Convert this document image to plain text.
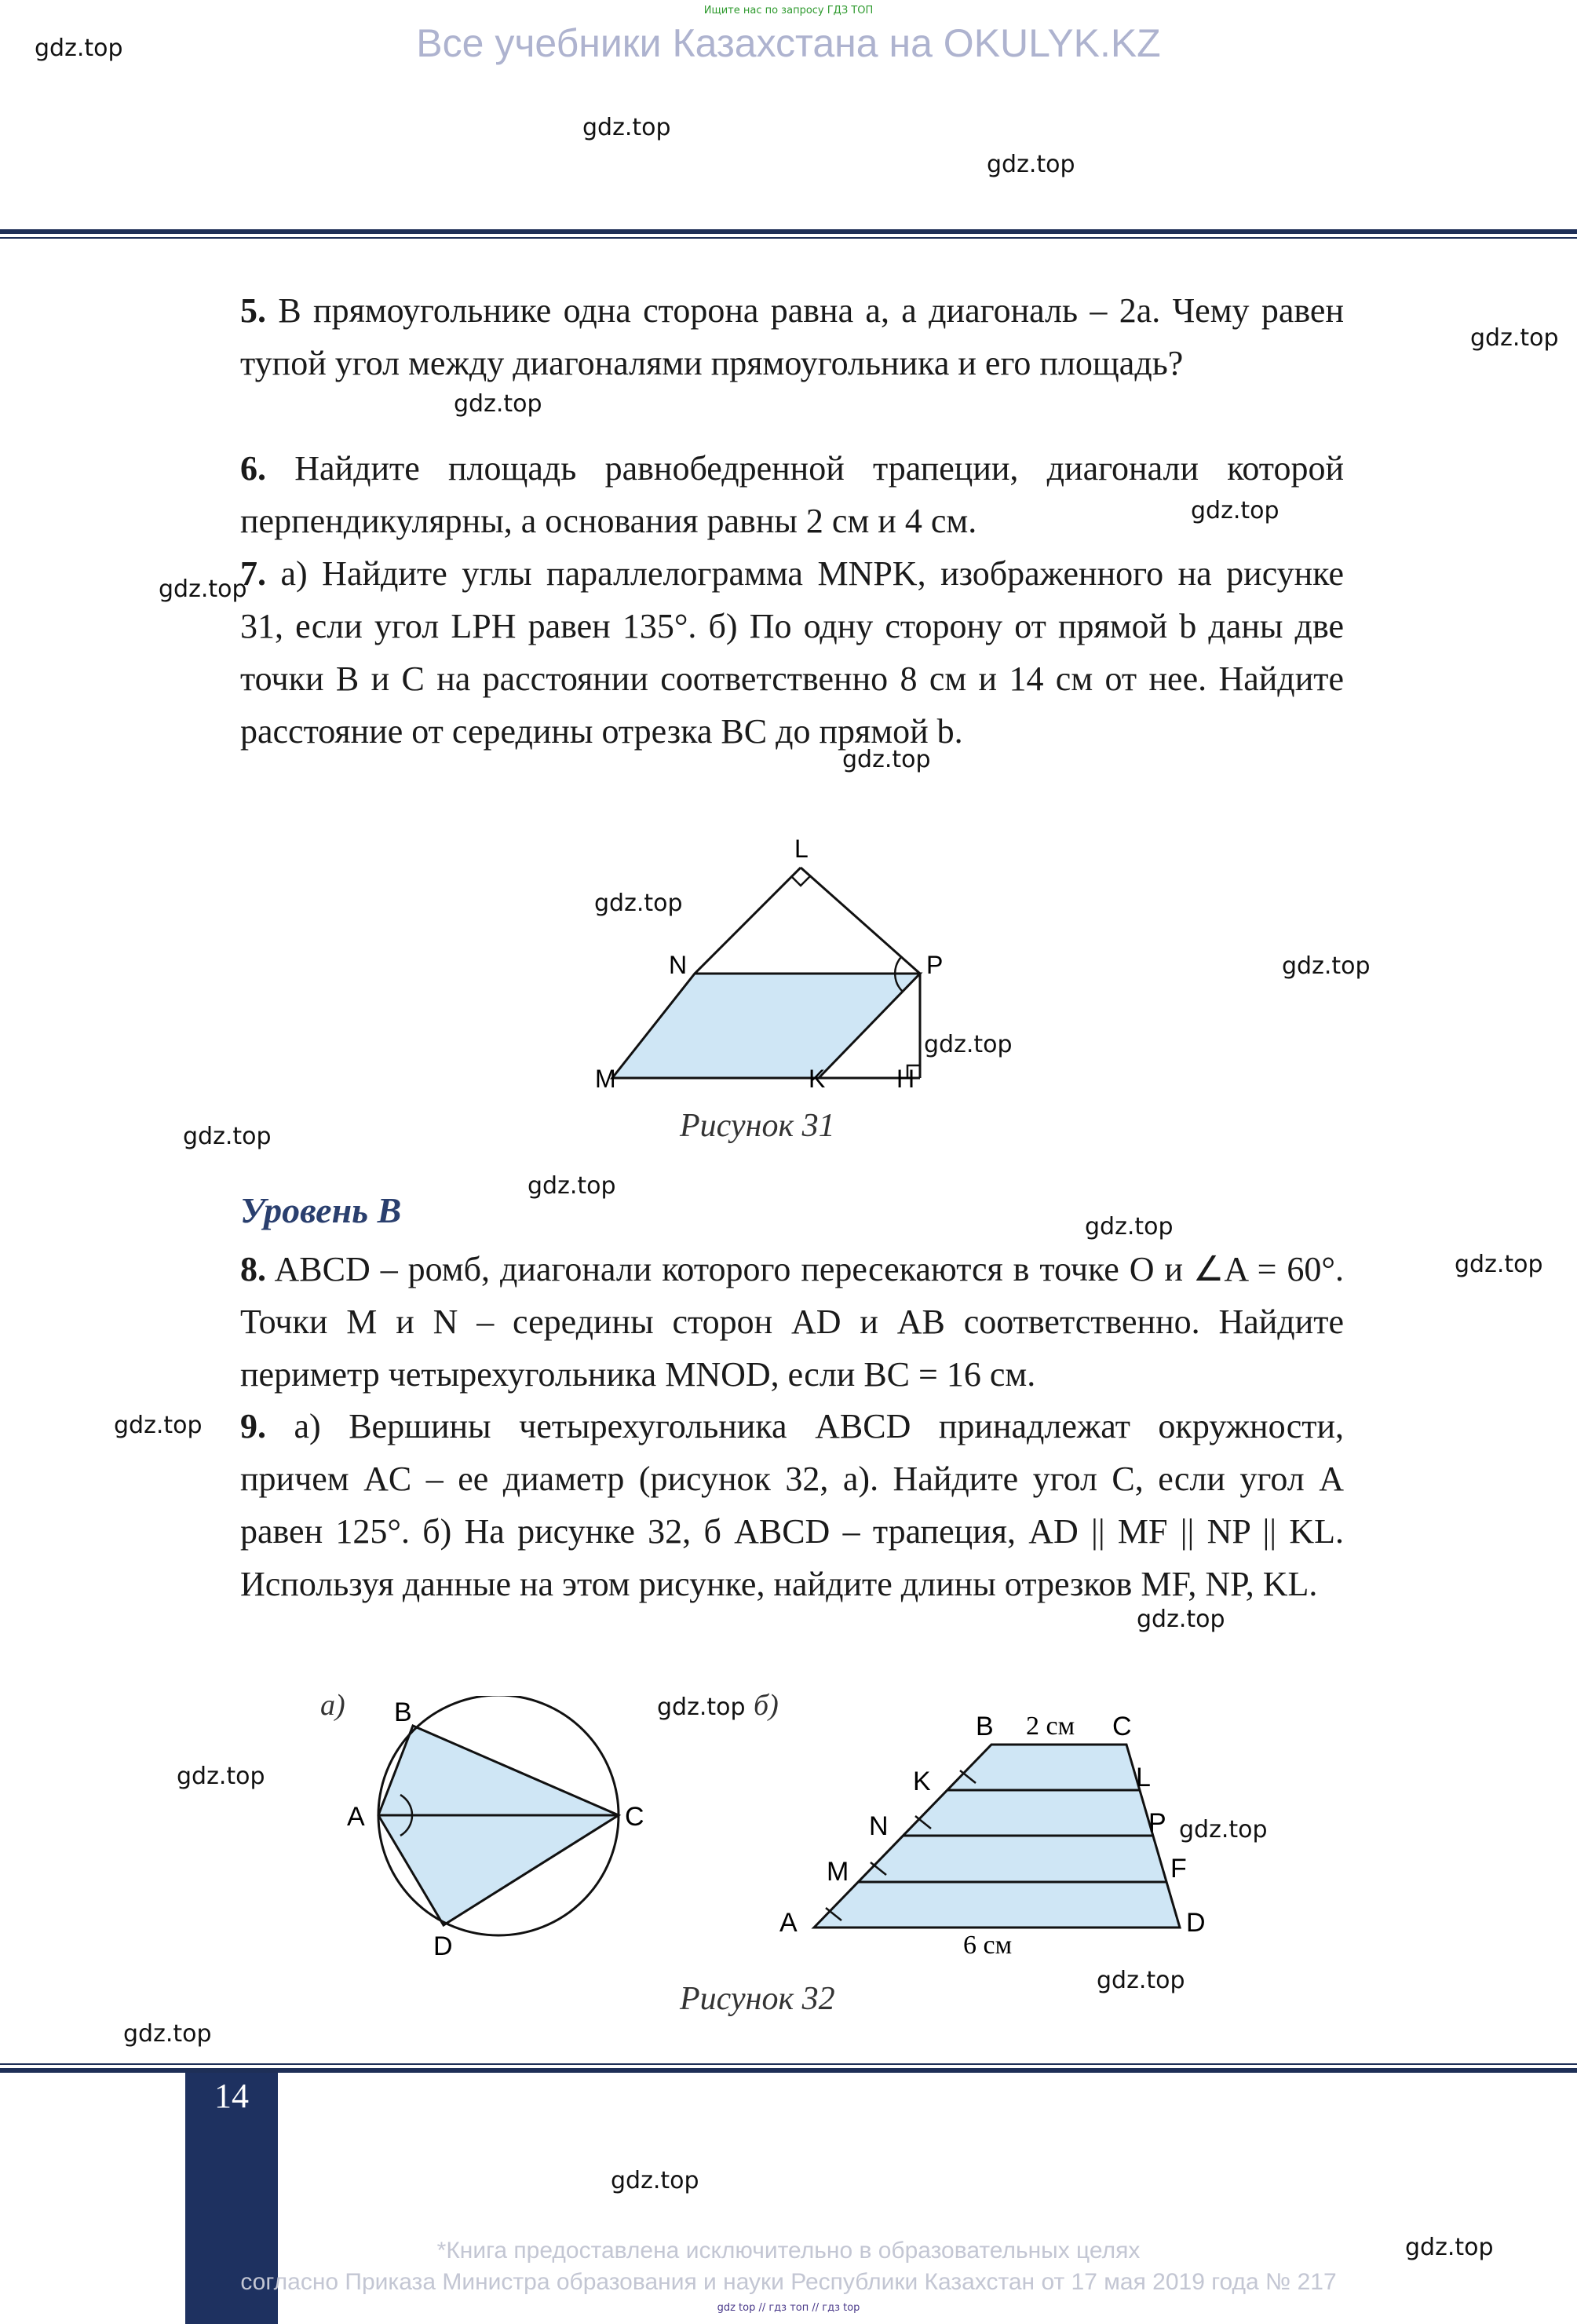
Ищите нас по запросу ГДЗ ТОП
Все учебники Казахстана на OKULYK.KZ
gdz.top
gdz.top
gdz.top
gdz.top
gdz.top
gdz.top
gdz.top
gdz.top
gdz.top
gdz.top
gdz.top
gdz.top
gdz.top
gdz.top
gdz.top
gdz.top
gdz.top
gdz.top
gdz.top
gdz.top
gdz.top
gdz.top
gdz.top
gdz.top
5. В прямоугольнике одна сторона равна a, а диагональ – 2a. Чему равен тупой угол между диагоналями прямоугольника и его площадь?
6. Найдите площадь равнобедренной трапеции, диагонали которой перпендикулярны, а основания равны 2 см и 4 см.
7. а) Найдите углы параллелограмма MNPK, изображенного на рисунке 31, если угол LPH равен 135°. б) По одну сторону от прямой b даны две точки B и C на расстоянии соответственно 8 см и 14 см от нее. Найдите расстояние от середины отрезка BC до прямой b.
L
N	P
M	K	H
Рисунок 31
Уровень В
8. ABCD – ромб, диагонали которого пересекаются в точке O и ∠A = 60°. Точки M и N – середины сторон AD и AB соответственно. Найдите периметр четырехугольника MNOD, если BC = 16 см.
9. а) Вершины четырехугольника ABCD принадлежат окружности, причем AC – ее диаметр (рисунок 32, а). Найдите угол C, если угол A равен 125°. б) На рисунке 32, б ABCD – трапеция, AD || MF || NP || KL. Используя данные на этом рисунке, найдите длины отрезков MF, NP, KL.
а) B
A	C
D
б)
B	C
K	L
N	P
M	F
A	D
2 см
6 см
Рисунок 32
14
*Книга предоставлена исключительно в образовательных целях
согласно Приказа Министра образования и науки Республики Казахстан от 17 мая 2019 года № 217
gdz top // гдз топ // гдз top
